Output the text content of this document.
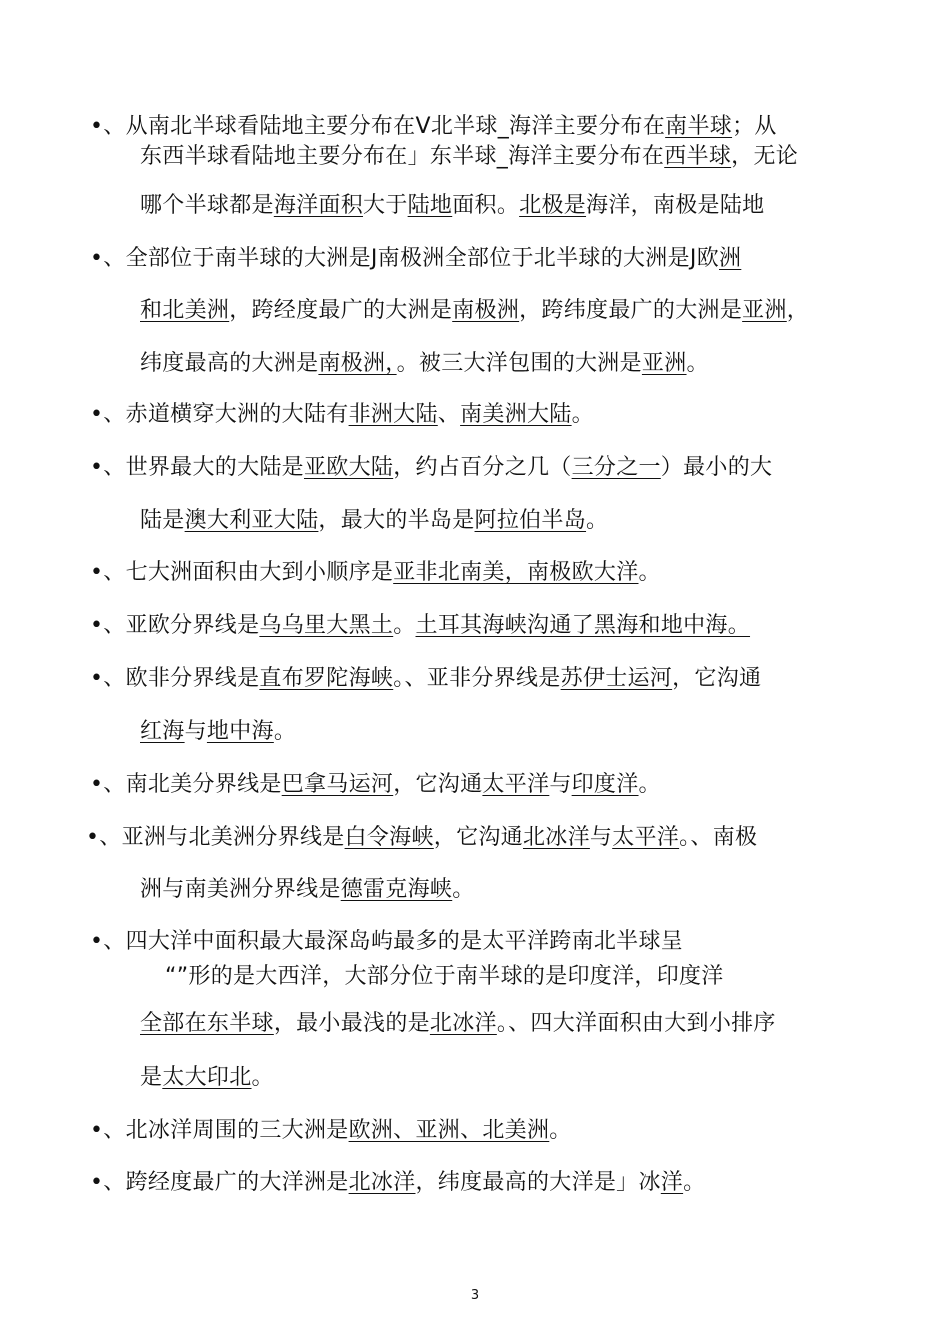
•、从南北半球看陆地主要分布在Ⅴ北半球_海洋主要分布在南半球；从
东西半球看陆地主要分布在」东半球_海洋主要分布在西半球，无论
哪个半球都是海洋面积大于陆地面积。北极是海洋，南极是陆地
•、全部位于南半球的大洲是J南极洲全部位于北半球的大洲是J欧洲
和北美洲，跨经度最广的大洲是南极洲，跨纬度最广的大洲是亚洲，
纬度最高的大洲是南极洲，。被三大洋包围的大洲是亚洲。
•、赤道横穿大洲的大陆有非洲大陆、南美洲大陆。
•、世界最大的大陆是亚欧大陆，约占百分之几（三分之一）最小的大
陆是澳大利亚大陆，最大的半岛是阿拉伯半岛。
•、七大洲面积由大到小顺序是亚非北南美，南极欧大洋。
•、亚欧分界线是乌乌里大黑土。土耳其海峡沟通了黑海和地中海。
•、欧非分界线是直布罗陀海峡。、亚非分界线是苏伊士运河，它沟通
红海与地中海。
•、南北美分界线是巴拿马运河，它沟通太平洋与印度洋。
•、亚洲与北美洲分界线是白令海峡，它沟通北冰洋与太平洋。、南极
洲与南美洲分界线是德雷克海峡。
•、四大洋中面积最大最深岛屿最多的是太平洋跨南北半球呈
“”形的是大西洋，大部分位于南半球的是印度洋，印度洋
全部在东半球，最小最浅的是北冰洋。、四大洋面积由大到小排序
是太大印北。
•、北冰洋周围的三大洲是欧洲、亚洲、北美洲。
•、跨经度最广的大洋洲是北冰洋，纬度最高的大洋是」冰洋。
3
